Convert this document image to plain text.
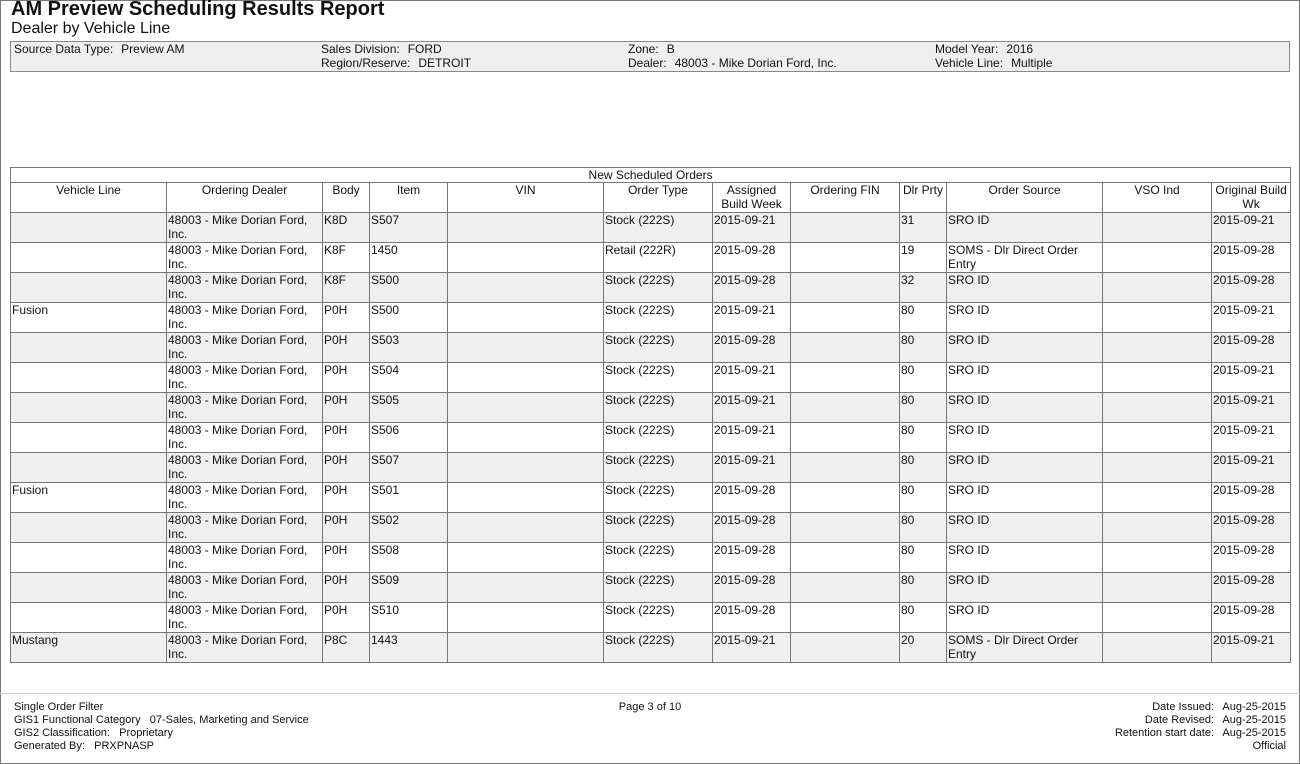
AM Preview Scheduling Results Report
Dealer by Vehicle Line
Source Data Type: Preview AM	Sales Division: FORD
Region/Reserve: DETROIT
Zone: B
Dealer: 48003 - Mike Dorian Ford, Inc.
Model Year: 2016
Vehicle Line: Multiple
New Scheduled Orders											
Vehicle Line	Ordering Dealer	Body	Item	VIN	Order Type	Assigned Build Week	Ordering FIN	Dlr Prty	Order Source	VSO Ind	Original Build Wk
	48003 - Mike Dorian Ford, Inc.	K8D	S507		Stock (222S)	2015-09-21		31	SRO ID		2015-09-21
	48003 - Mike Dorian Ford, Inc.	K8F	1450		Retail (222R)	2015-09-28		19	SOMS - Dlr Direct Order Entry		2015-09-28
	48003 - Mike Dorian Ford, Inc.	K8F	S500		Stock (222S)	2015-09-28		32	SRO ID		2015-09-28
Fusion	48003 - Mike Dorian Ford, Inc.	P0H	S500		Stock (222S)	2015-09-21		80	SRO ID		2015-09-21
	48003 - Mike Dorian Ford, Inc.	P0H	S503		Stock (222S)	2015-09-28		80	SRO ID		2015-09-28
	48003 - Mike Dorian Ford, Inc.	P0H	S504		Stock (222S)	2015-09-21		80	SRO ID		2015-09-21
	48003 - Mike Dorian Ford, Inc.	P0H	S505		Stock (222S)	2015-09-21		80	SRO ID		2015-09-21
	48003 - Mike Dorian Ford, Inc.	P0H	S506		Stock (222S)	2015-09-21		80	SRO ID		2015-09-21
	48003 - Mike Dorian Ford, Inc.	P0H	S507		Stock (222S)	2015-09-21		80	SRO ID		2015-09-21
Fusion	48003 - Mike Dorian Ford, Inc.	P0H	S501		Stock (222S)	2015-09-28		80	SRO ID		2015-09-28
	48003 - Mike Dorian Ford, Inc.	P0H	S502		Stock (222S)	2015-09-28		80	SRO ID		2015-09-28
	48003 - Mike Dorian Ford, Inc.	P0H	S508		Stock (222S)	2015-09-28		80	SRO ID		2015-09-28
	48003 - Mike Dorian Ford, Inc.	P0H	S509		Stock (222S)	2015-09-28		80	SRO ID		2015-09-28
	48003 - Mike Dorian Ford, Inc.	P0H	S510		Stock (222S)	2015-09-28		80	SRO ID		2015-09-28
Mustang	48003 - Mike Dorian Ford, Inc.	P8C	1443		Stock (222S)	2015-09-21		20	SOMS - Dlr Direct Order Entry		2015-09-21
Single Order Filter
GIS1 Functional Category 07-Sales, Marketing and Service
GIS2 Classification: Proprietary
Generated By: PRXPNASP
Page 3 of 10	Date Issued: Aug-25-2015
Date Revised: Aug-25-2015
Retention start date: Aug-25-2015
Official
